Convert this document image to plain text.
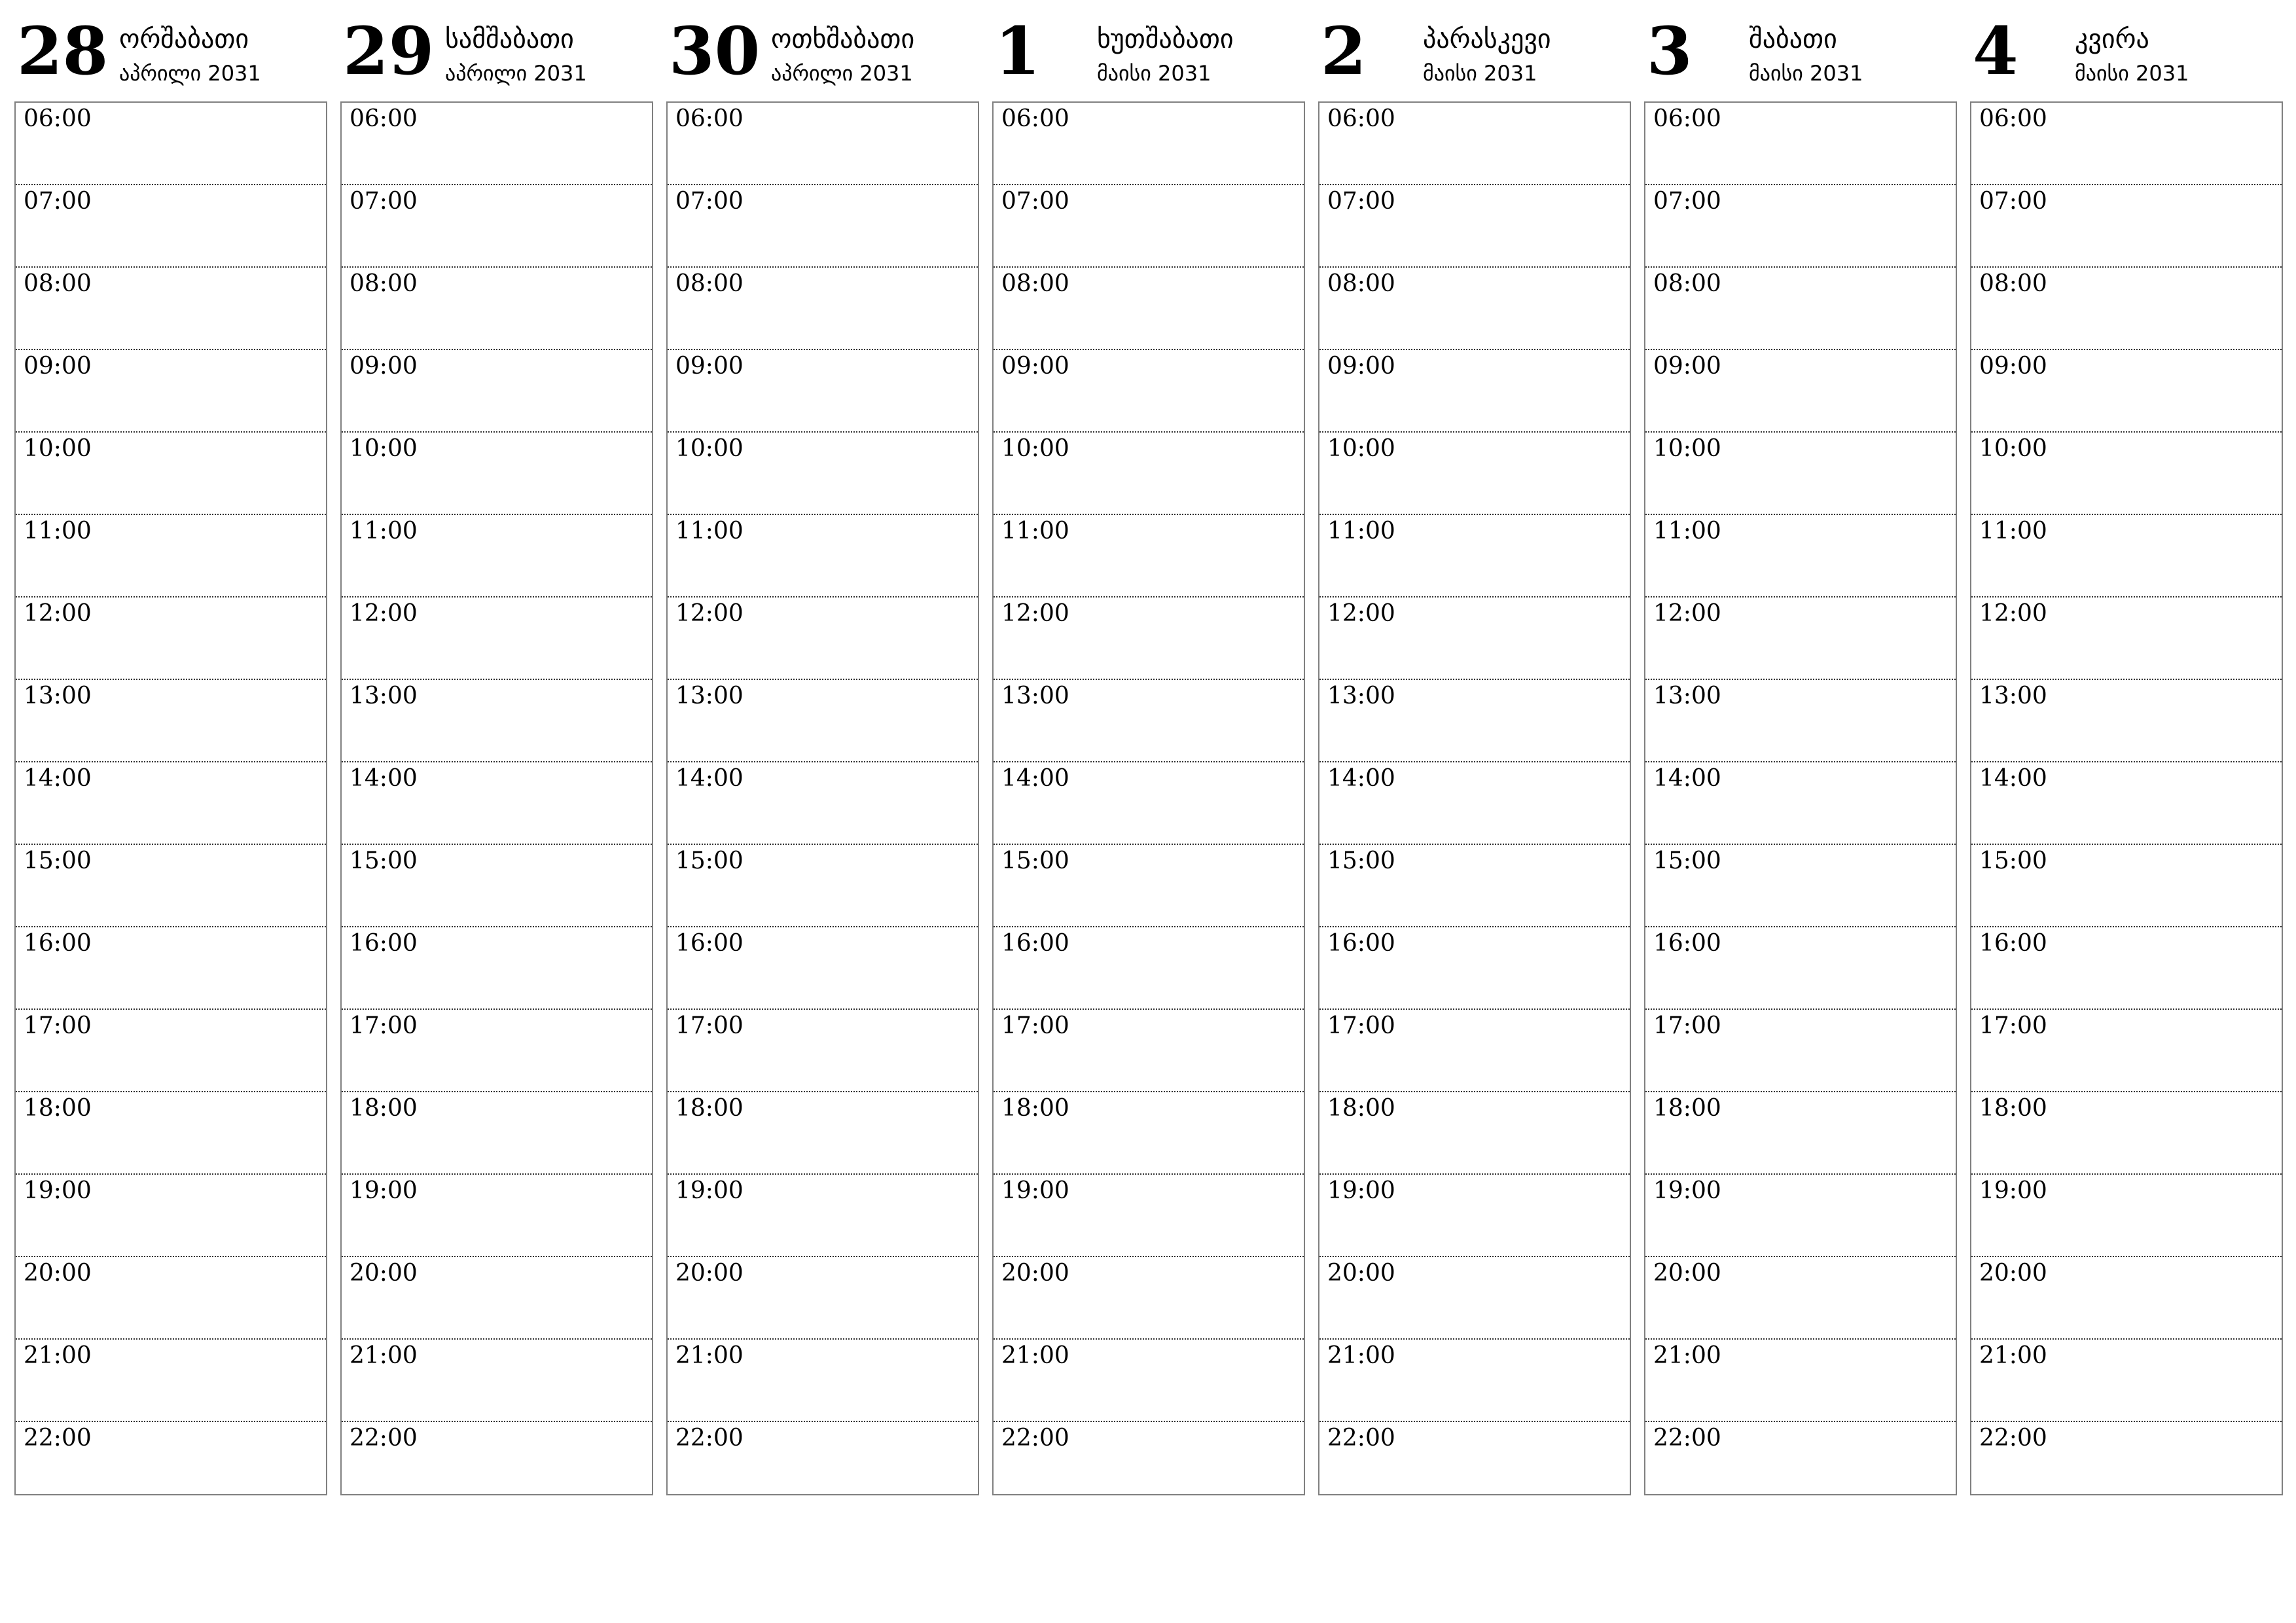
28 ორშაბათი
აპრილი 2031
06:00
07:00
08:00
09:00
10:00
11:00
12:00
13:00
14:00
15:00
16:00
17:00
18:00
19:00
20:00
21:00
22:00
29 სამშაბათი
აპრილი 2031
06:00
07:00
08:00
09:00
10:00
11:00
12:00
13:00
14:00
15:00
16:00
17:00
18:00
19:00
20:00
21:00
22:00
30 ოთხშაბათი
აპრილი 2031
06:00
07:00
08:00
09:00
10:00
11:00
12:00
13:00
14:00
15:00
16:00
17:00
18:00
19:00
20:00
21:00
22:00
1 ხუთშაბათი
მაისი 2031
06:00
07:00
08:00
09:00
10:00
11:00
12:00
13:00
14:00
15:00
16:00
17:00
18:00
19:00
20:00
21:00
22:00
2 პარასკევი
მაისი 2031
06:00
07:00
08:00
09:00
10:00
11:00
12:00
13:00
14:00
15:00
16:00
17:00
18:00
19:00
20:00
21:00
22:00
3 შაბათი
მაისი 2031
06:00
07:00
08:00
09:00
10:00
11:00
12:00
13:00
14:00
15:00
16:00
17:00
18:00
19:00
20:00
21:00
22:00
4 კვირა
მაისი 2031
06:00
07:00
08:00
09:00
10:00
11:00
12:00
13:00
14:00
15:00
16:00
17:00
18:00
19:00
20:00
21:00
22:00
